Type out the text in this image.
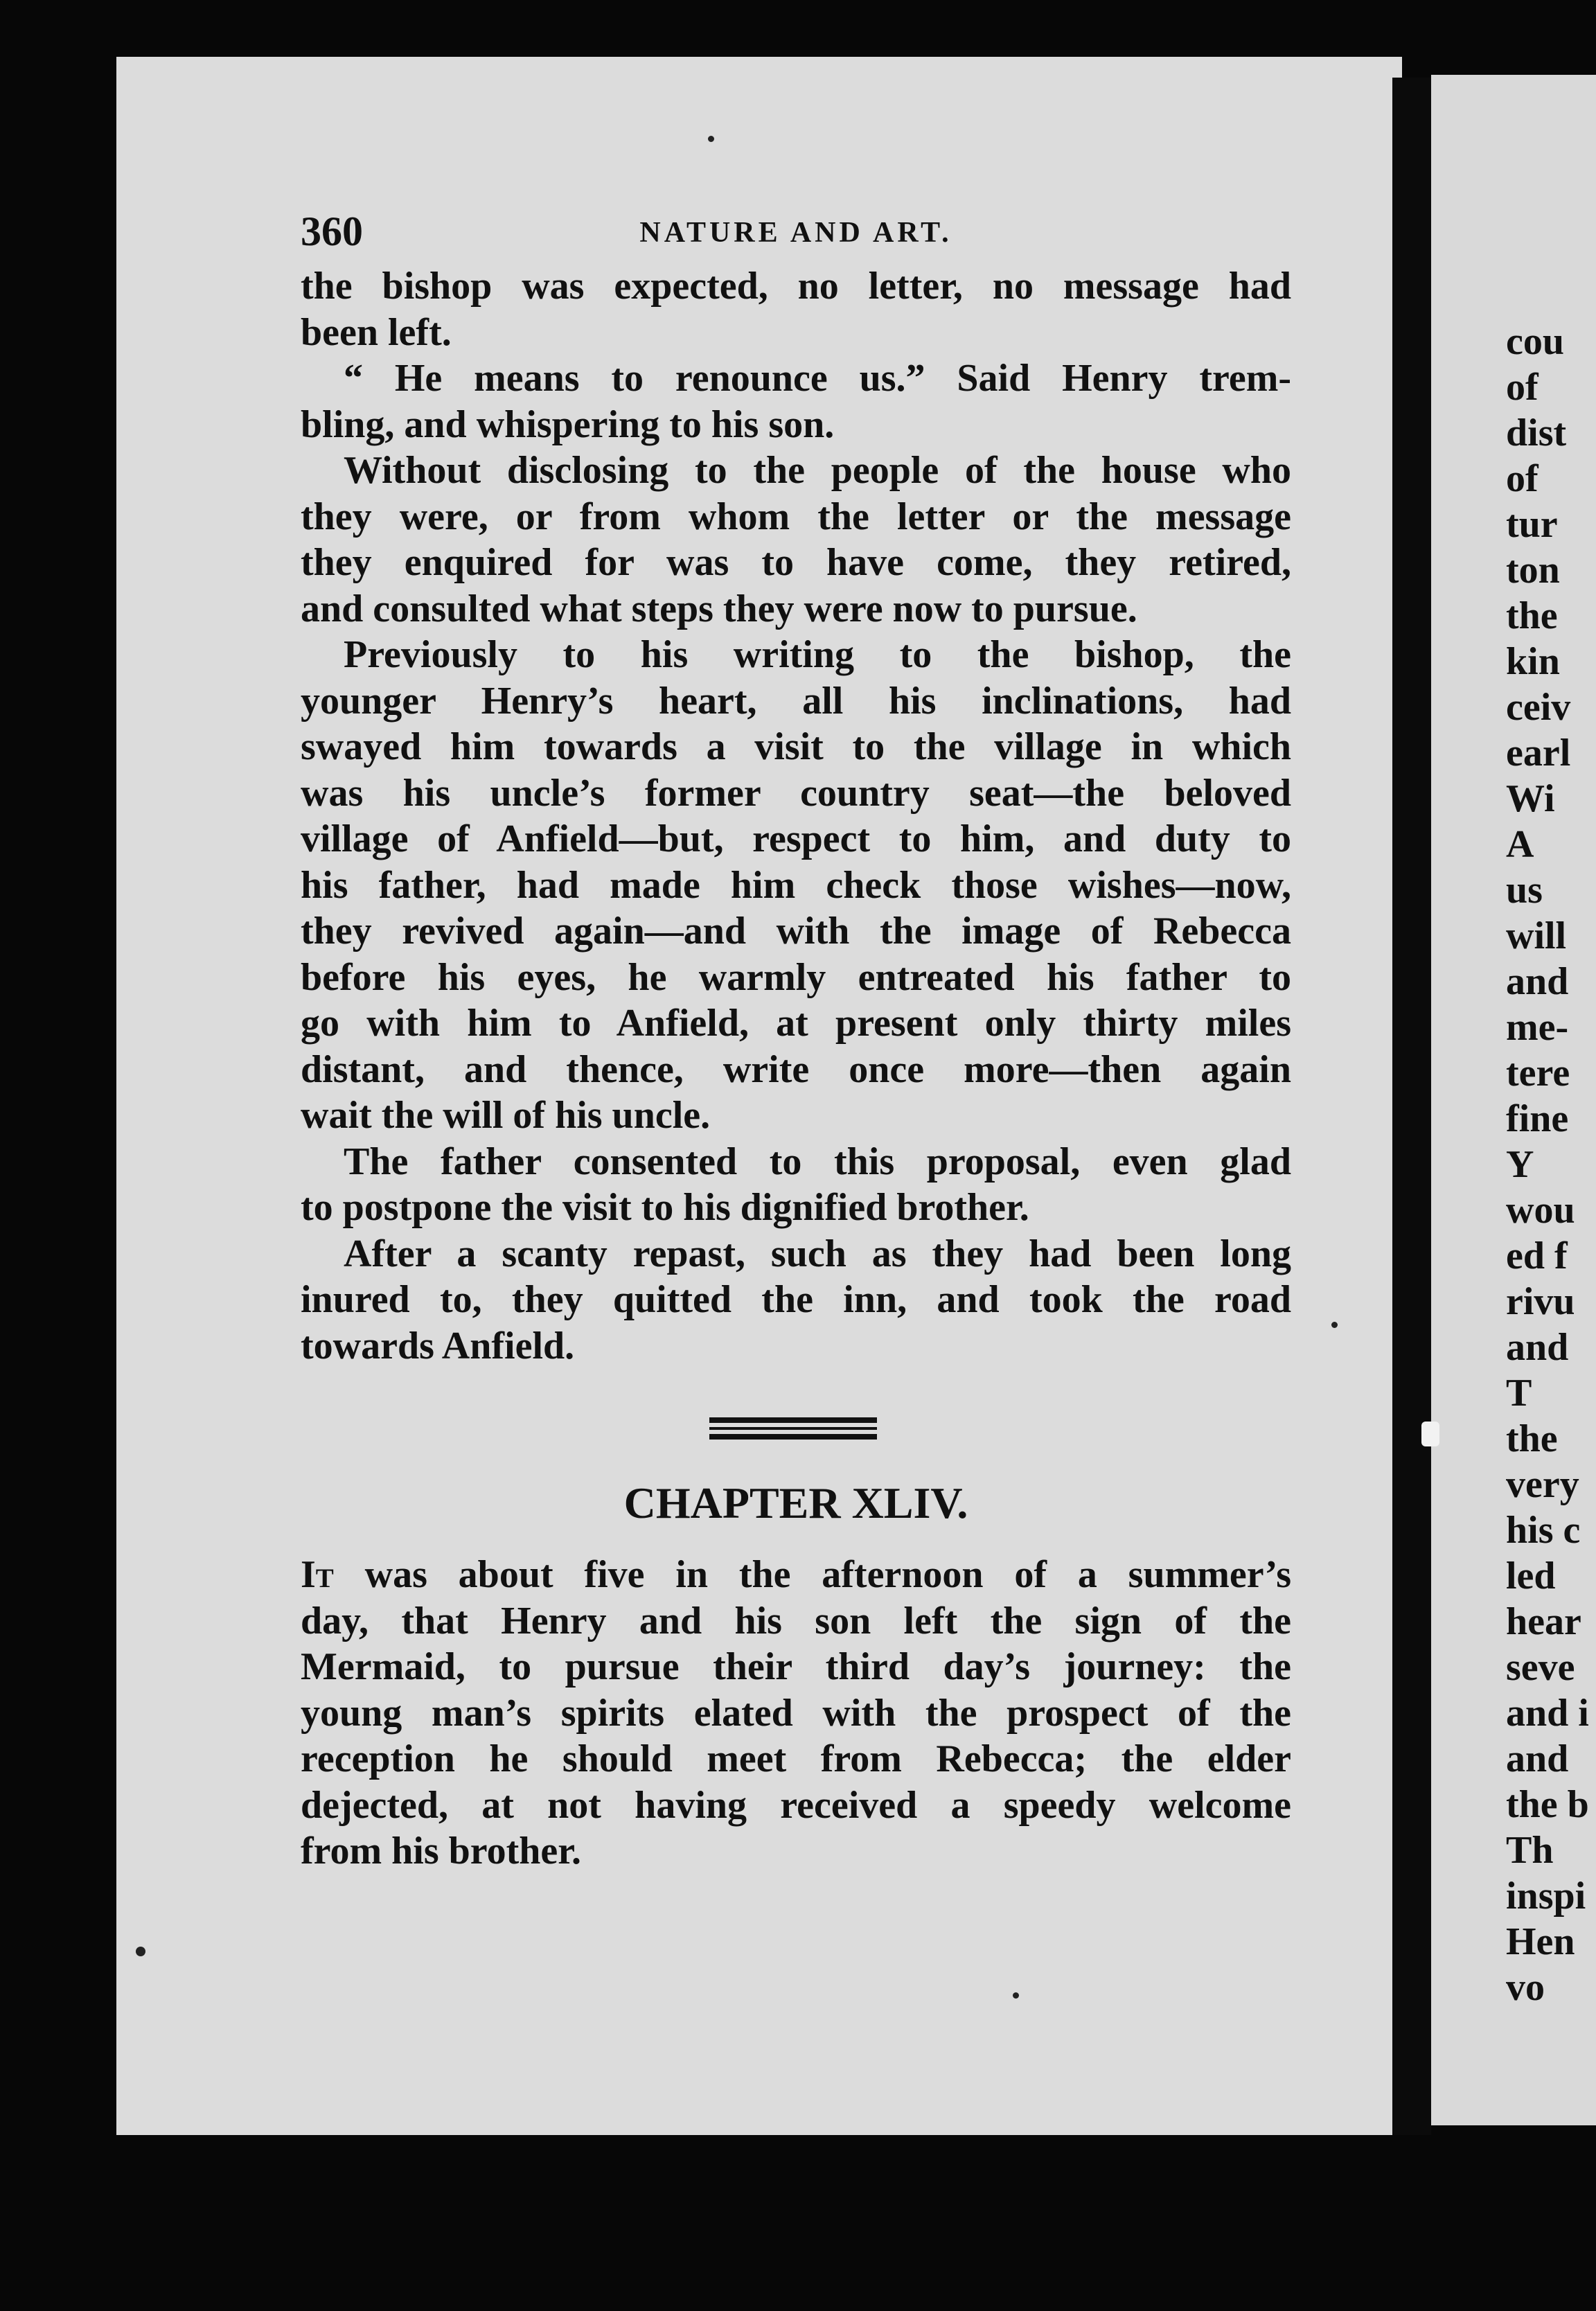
360	NATURE AND ART.
the bishop was expected, no letter, no message had
been left.
“ He means to renounce us.” Said Henry trem-
bling, and whispering to his son.
Without disclosing to the people of the house who
they were, or from whom the letter or the message
they enquired for was to have come, they retired,
and consulted what steps they were now to pursue.
Previously to his writing to the bishop, the
younger Henry’s heart, all his inclinations, had
swayed him towards a visit to the village in which
was his uncle’s former country seat—the beloved
village of Anfield—but, respect to him, and duty to
his father, had made him check those wishes—now,
they revived again—and with the image of Rebecca
before his eyes, he warmly entreated his father to
go with him to Anfield, at present only thirty miles
distant, and thence, write once more—then again
wait the will of his uncle.
The father consented to this proposal, even glad
to postpone the visit to his dignified brother.
After a scanty repast, such as they had been long
inured to, they quitted the inn, and took the road
towards Anfield.
CHAPTER XLIV.
It was about five in the afternoon of a summer’s
day, that Henry and his son left the sign of the
Mermaid, to pursue their third day’s journey: the
young man’s spirits elated with the prospect of the
reception he should meet from Rebecca; the elder
dejected, at not having received a speedy welcome
from his brother.
cou
of
dist
of
tur
ton
the
kin
ceiv
earl
Wi
A
us
will
and
me-
tere
fine
Y
wou
ed f
rivu
and
T
the
very
his c
led
hear
seve
and i
and
the b
Th
inspi
Hen
vo
